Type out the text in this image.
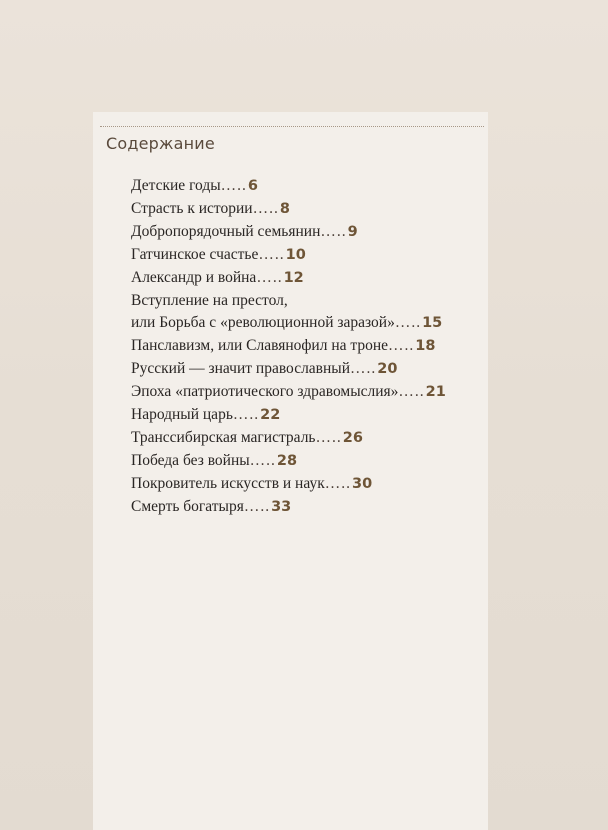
Содержание
Детские годы…..6
Страсть к истории…..8
Добропорядочный семьянин…..9
Гатчинское счастье…..10
Александр и война…..12
Вступление на престол,
или Борьба с «революционной заразой»…..15
Панславизм, или Славянофил на троне…..18
Русский — значит православный…..20
Эпоха «патриотического здравомыслия»…..21
Народный царь…..22
Транссибирская магистраль…..26
Победа без войны…..28
Покровитель искусств и наук…..30
Смерть богатыря…..33
